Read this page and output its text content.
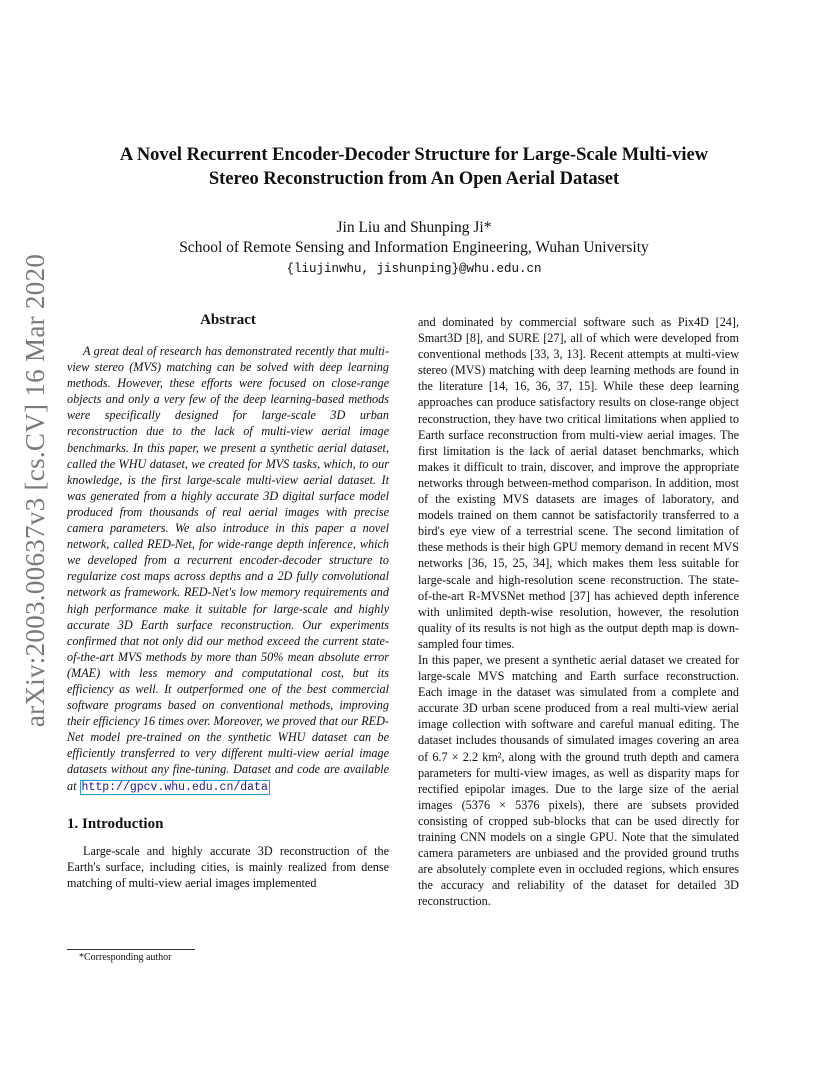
arXiv:2003.00637v3 [cs.CV] 16 Mar 2020
A Novel Recurrent Encoder-Decoder Structure for Large-Scale Multi-view
Stereo Reconstruction from An Open Aerial Dataset
Jin Liu and Shunping Ji*
School of Remote Sensing and Information Engineering, Wuhan University
{liujinwhu, jishunping}@whu.edu.cn
Abstract

A great deal of research has demonstrated recently that multi-view stereo (MVS) matching can be solved with deep learning methods. However, these efforts were focused on close-range objects and only a very few of the deep learning-based methods were specifically designed for large-scale 3D urban reconstruction due to the lack of multi-view aerial image benchmarks. In this paper, we present a synthetic aerial dataset, called the WHU dataset, we created for MVS tasks, which, to our knowledge, is the first large-scale multi-view aerial dataset. It was generated from a highly accurate 3D digital surface model produced from thousands of real aerial images with precise camera parameters. We also introduce in this paper a novel network, called RED-Net, for wide-range depth inference, which we developed from a recurrent encoder-decoder structure to regularize cost maps across depths and a 2D fully convolutional network as framework. RED-Net's low memory requirements and high performance make it suitable for large-scale and highly accurate 3D Earth surface reconstruction. Our experiments confirmed that not only did our method exceed the current state-of-the-art MVS methods by more than 50% mean absolute error (MAE) with less memory and computational cost, but its efficiency as well. It outperformed one of the best commercial software programs based on conventional methods, improving their efficiency 16 times over. Moreover, we proved that our RED-Net model pre-trained on the synthetic WHU dataset can be efficiently transferred to very different multi-view aerial image datasets without any fine-tuning. Dataset and code are available at http://gpcv.whu.edu.cn/data

1. Introduction

Large-scale and highly accurate 3D reconstruction of the Earth's surface, including cities, is mainly realized from dense matching of multi-view aerial images implemented

*Corresponding author

and dominated by commercial software such as Pix4D [24], Smart3D [8], and SURE [27], all of which were developed from conventional methods [33, 3, 13]. Recent attempts at multi-view stereo (MVS) matching with deep learning methods are found in the literature [14, 16, 36, 37, 15]. While these deep learning approaches can produce satisfactory results on close-range object reconstruction, they have two critical limitations when applied to Earth surface reconstruction from multi-view aerial images. The first limitation is the lack of aerial dataset benchmarks, which makes it difficult to train, discover, and improve the appropriate networks through between-method comparison. In addition, most of the existing MVS datasets are images of laboratory, and models trained on them cannot be satisfactorily transferred to a bird's eye view of a terrestrial scene. The second limitation of these methods is their high GPU memory demand in recent MVS networks [36, 15, 25, 34], which makes them less suitable for large-scale and high-resolution scene reconstruction. The state-of-the-art R-MVSNet method [37] has achieved depth inference with unlimited depth-wise resolution, however, the resolution quality of its results is not high as the output depth map is down-sampled four times.

In this paper, we present a synthetic aerial dataset we created for large-scale MVS matching and Earth surface reconstruction. Each image in the dataset was simulated from a complete and accurate 3D urban scene produced from a real multi-view aerial image collection with software and careful manual editing. The dataset includes thousands of simulated images covering an area of 6.7 × 2.2 km², along with the ground truth depth and camera parameters for multi-view images, as well as disparity maps for rectified epipolar images. Due to the large size of the aerial images (5376 × 5376 pixels), there are subsets provided consisting of cropped sub-blocks that can be used directly for training CNN models on a single GPU. Note that the simulated camera parameters are unbiased and the provided ground truths are absolutely complete even in occluded regions, which ensures the accuracy and reliability of the dataset for detailed 3D reconstruction.
